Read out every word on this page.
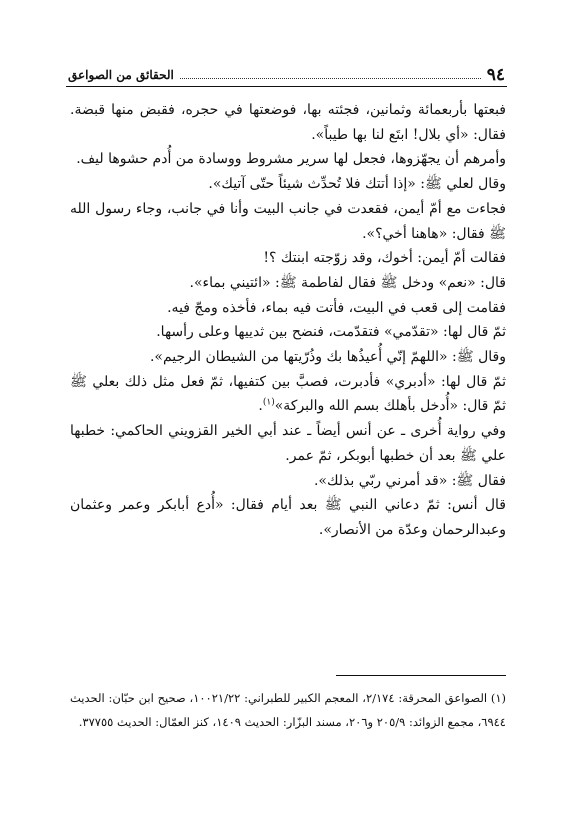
٩٤
الحقائق من الصواعق

فبعتها بأربعمائة وثمانين، فجئته بها، فوضعتها في حجره، فقبض منها قبضة. فقال: «أي بلال! ابتَع لنا بها طيباً».

وأمرهم أن يجهّزوها، فجعل لها سرير مشروط ووسادة من أُدم حشوها ليف.

وقال لعلي ﷺ: «إذا أتتك فلا تُحدِّث شيئاً حتّى آتيك».

فجاءت مع أمّ أيمن، فقعدت في جانب البيت وأنا في جانب، وجاء رسول الله ﷺ فقال: «هاهنا أخي؟».

فقالت أمّ أيمن: أخوك، وقد زوّجته ابنتك ؟!

قال: «نعم» ودخل ﷺ فقال لفاطمة ﷺ: «ائتيني بماء».

فقامت إلى قعب في البيت، فأتت فيه بماء، فأخذه ومجّ فيه.

ثمّ قال لها: «تقدّمي» فتقدّمت، فنضح بين ثدييها وعلى رأسها.

وقال ﷺ: «اللهمّ إنّي أُعيذُها بك وذُرّيتها من الشيطان الرجيم».

ثمّ قال لها: «أدبري» فأدبرت، فصبَّ بين كتفيها، ثمّ فعل مثل ذلك بعلي ﷺ ثمّ قال: «أُدخل بأهلك بسم الله والبركة»$^{(١)}$.

وفي رواية أُخرى ـ عن أنس أيضاً ـ عند أبي الخير القزويني الحاكمي: خطبها علي ﷺ بعد أن خطبها أبوبكر، ثمّ عمر.

فقال ﷺ: «قد أمرني ربّي بذلك».

قال أنس: ثمّ دعاني النبي ﷺ بعد أيام فقال: «أُدع أبابكر وعمر وعثمان وعبدالرحمان وعدّة من الأنصار».

(١) الصواعق المحرقة: ٢/١٧٤، المعجم الكبير للطبراني: ١٠٠٢١/٢٢، صحيح ابن حبّان: الحديث ٦٩٤٤، مجمع الزوائد: ٢٠٥/٩ و٢٠٦، مسند البزّار: الحديث ١٤٠٩، كنز العمّال: الحديث ٣٧٧٥٥.
